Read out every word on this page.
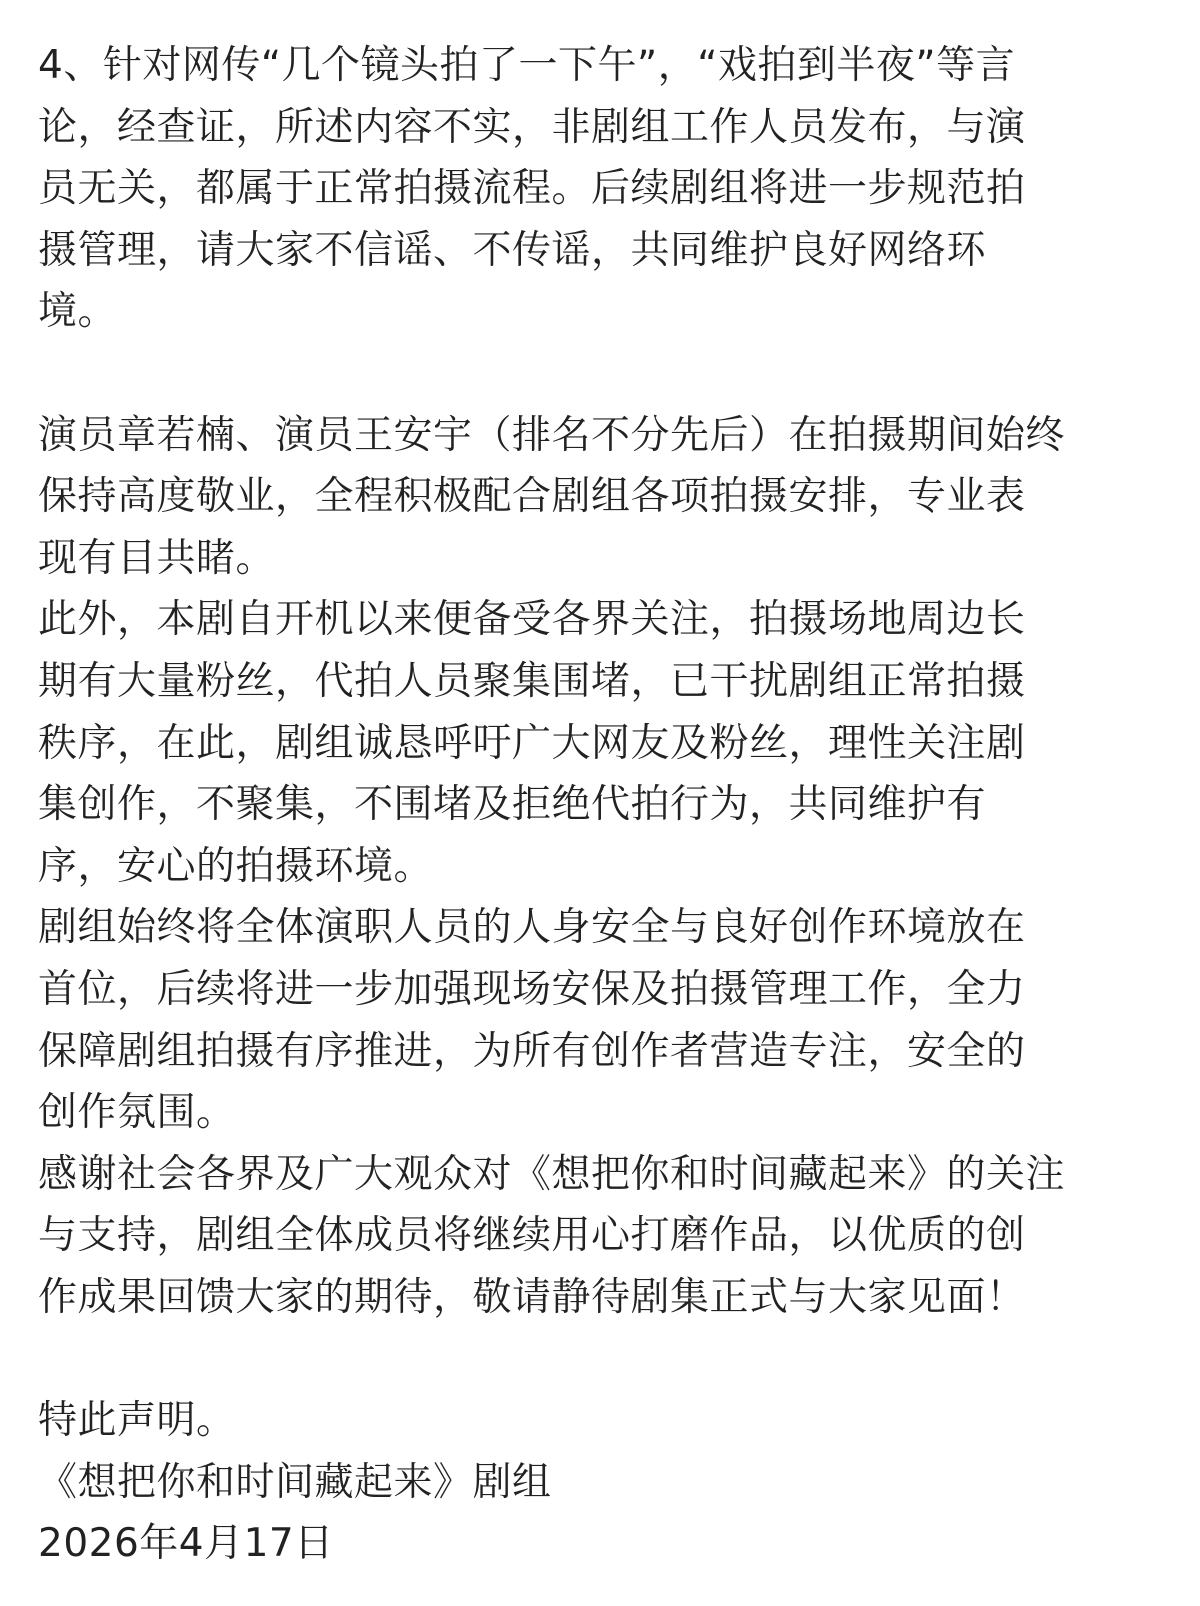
4、针对网传“几个镜头拍了一下午”，“戏拍到半夜”等言
论，经查证，所述内容不实，非剧组工作人员发布，与演
员无关，都属于正常拍摄流程。后续剧组将进一步规范拍
摄管理，请大家不信谣、不传谣，共同维护良好网络环
境。
演员章若楠、演员王安宇（排名不分先后）在拍摄期间始终
保持高度敬业，全程积极配合剧组各项拍摄安排，专业表
现有目共睹。
此外，本剧自开机以来便备受各界关注，拍摄场地周边长
期有大量粉丝，代拍人员聚集围堵，已干扰剧组正常拍摄
秩序，在此，剧组诚恳呼吁广大网友及粉丝，理性关注剧
集创作，不聚集，不围堵及拒绝代拍行为，共同维护有
序，安心的拍摄环境。
剧组始终将全体演职人员的人身安全与良好创作环境放在
首位，后续将进一步加强现场安保及拍摄管理工作，全力
保障剧组拍摄有序推进，为所有创作者营造专注，安全的
创作氛围。
感谢社会各界及广大观众对《想把你和时间藏起来》的关注
与支持，剧组全体成员将继续用心打磨作品，以优质的创
作成果回馈大家的期待，敬请静待剧集正式与大家见面！
特此声明。
《想把你和时间藏起来》剧组
2026年4月17日
